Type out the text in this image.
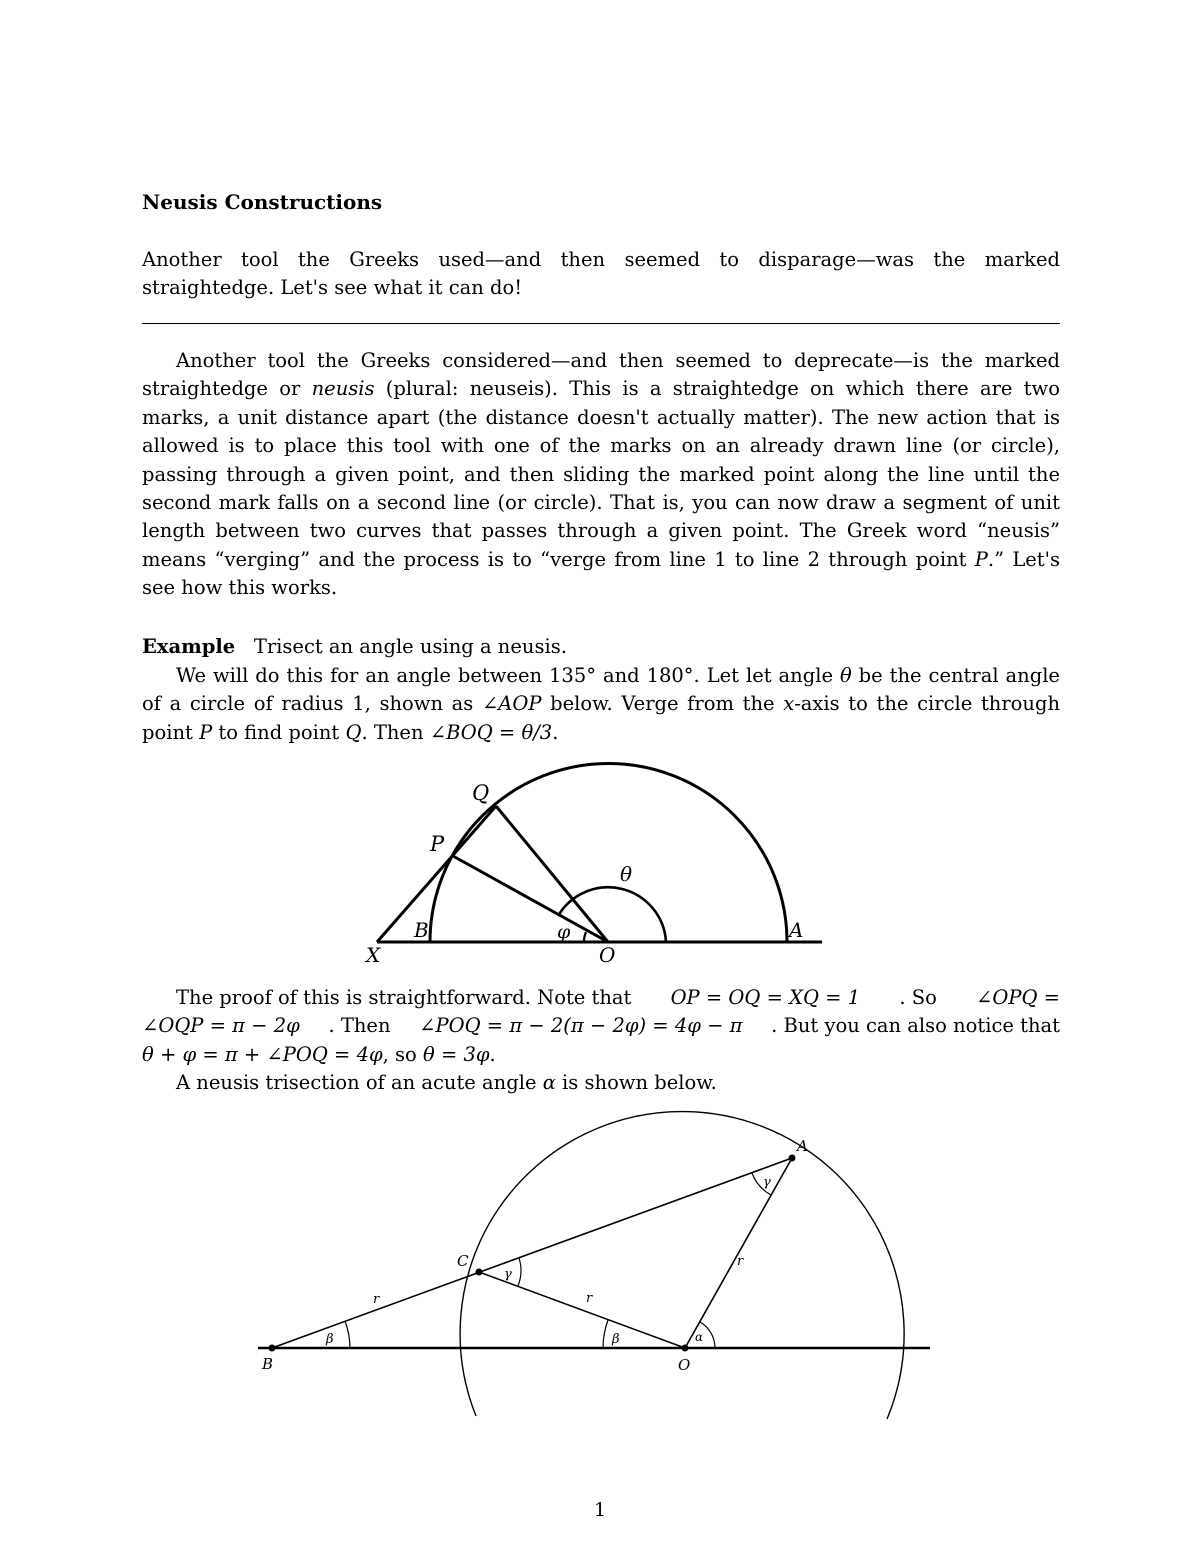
Neusis Constructions
Another tool the Greeks used—and then seemed to disparage—was the marked straightedge. Let's see what it can do!
Another tool the Greeks considered—and then seemed to deprecate—is the marked straightedge or neusis (plural: neuseis). This is a straightedge on which there are two marks, a unit distance apart (the distance doesn't actually matter). The new action that is allowed is to place this tool with one of the marks on an already drawn line (or circle), passing through a given point, and then sliding the marked point along the line until the second mark falls on a second line (or circle). That is, you can now draw a segment of unit length between two curves that passes through a given point. The Greek word “neusis” means “verging” and the process is to “verge from line 1 to line 2 through point P.” Let's see how this works.
Example Trisect an angle using a neusis.
We will do this for an angle between 135° and 180°. Let let angle θ be the central angle of a circle of radius 1, shown as ∠AOP below. Verge from the x-axis to the circle through point P to find point Q. Then ∠BOQ = θ/3.
Q
P
θ
B	φ	A
X	O
The proof of this is straightforward. Note that OP = OQ = XQ = 1 . So ∠OPQ =
∠OQP = π − 2φ . Then ∠POQ = π − 2(π − 2φ) = 4φ − π . But you can also notice that
θ + φ = π + ∠POQ = 4φ, so θ = 3φ.
A neusis trisection of an acute angle α is shown below.
A
C
B	O
r	r
r
γ
γ
β	β	α
1
